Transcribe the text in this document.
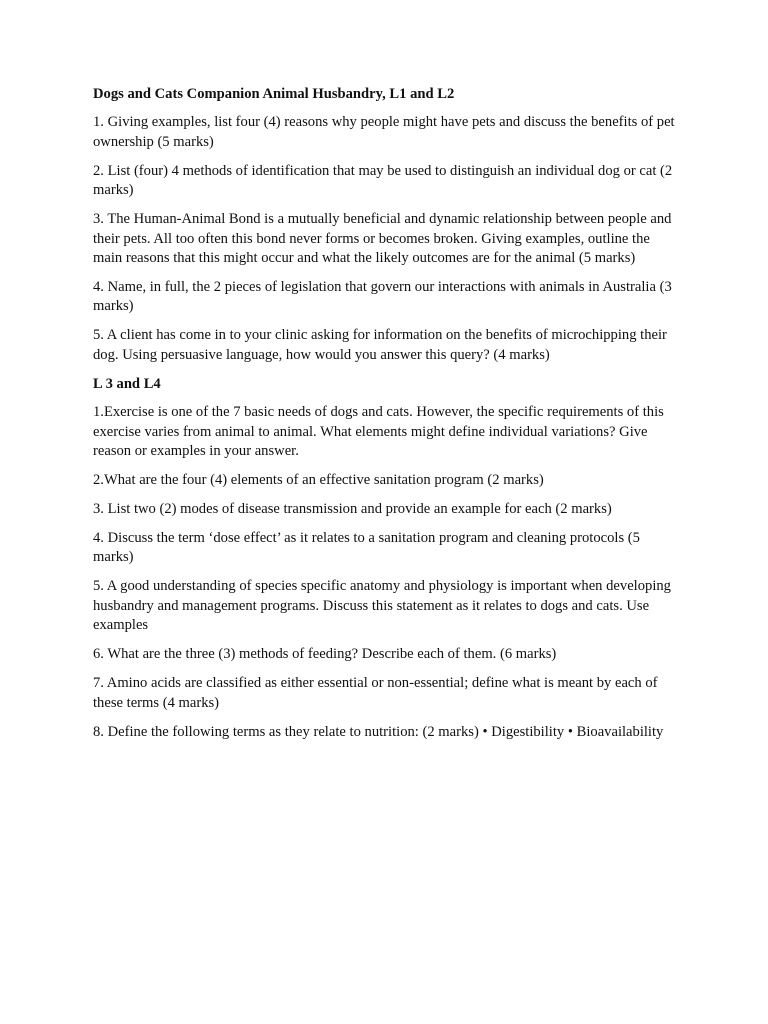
Dogs and Cats Companion Animal Husbandry, L1 and L2

1. Giving examples, list four (4) reasons why people might have pets and discuss the benefits of pet ownership (5 marks)

2. List (four) 4 methods of identification that may be used to distinguish an individual dog or cat (2 marks)

3. The Human-Animal Bond is a mutually beneficial and dynamic relationship between people and their pets. All too often this bond never forms or becomes broken. Giving examples, outline the main reasons that this might occur and what the likely outcomes are for the animal (5 marks)

4. Name, in full, the 2 pieces of legislation that govern our interactions with animals in Australia (3 marks)

5. A client has come in to your clinic asking for information on the benefits of microchipping their dog. Using persuasive language, how would you answer this query? (4 marks)

L 3 and L4

1.Exercise is one of the 7 basic needs of dogs and cats. However, the specific requirements of this exercise varies from animal to animal. What elements might define individual variations? Give reason or examples in your answer.

2.What are the four (4) elements of an effective sanitation program (2 marks)

3. List two (2) modes of disease transmission and provide an example for each (2 marks)

4. Discuss the term ‘dose effect’ as it relates to a sanitation program and cleaning protocols (5 marks)

5. A good understanding of species specific anatomy and physiology is important when developing husbandry and management programs. Discuss this statement as it relates to dogs and cats. Use examples

6. What are the three (3) methods of feeding? Describe each of them. (6 marks)

7. Amino acids are classified as either essential or non-essential; define what is meant by each of these terms (4 marks)

8. Define the following terms as they relate to nutrition: (2 marks) • Digestibility • Bioavailability
